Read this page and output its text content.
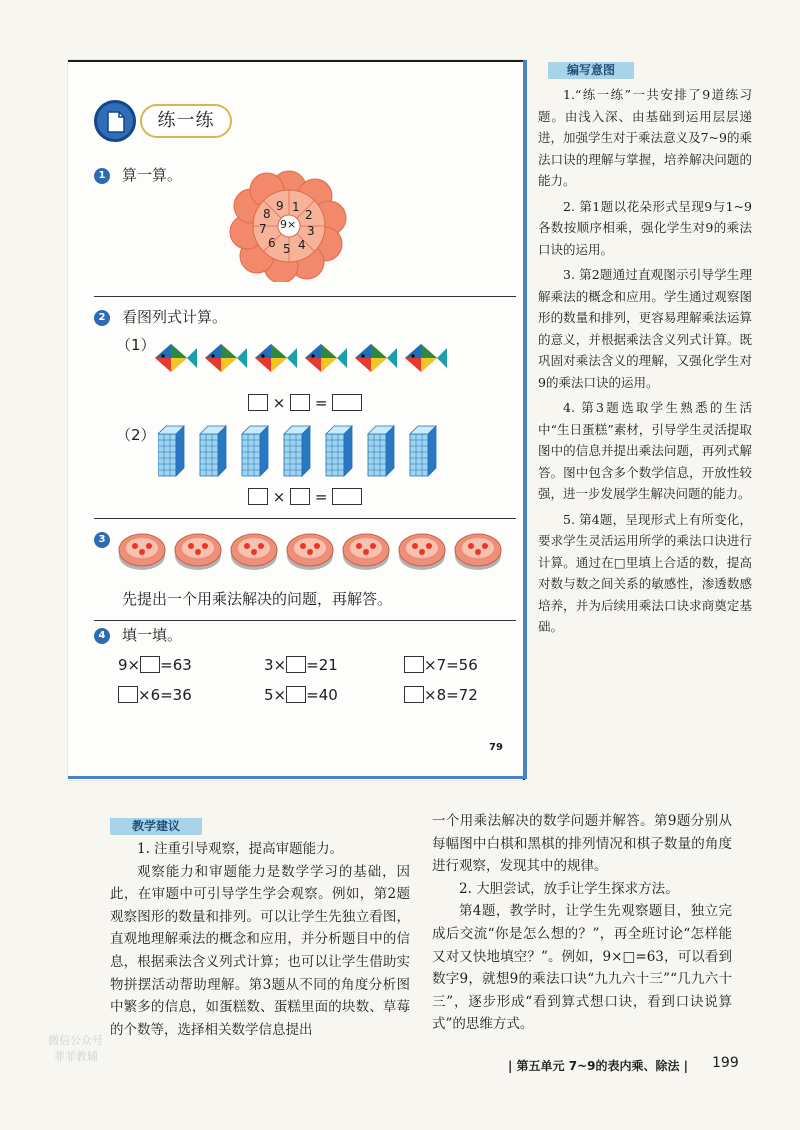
练一练
1	算一算。
9×
1
2
3
4
5
6
7
8
9
2	看图列式计算。
（1）
× =
（2）
× =
3
先提出一个用乘法解决的问题，再解答。
4	填一填。
9× =63	3× =21	×7=56
×6=36	5× =40	×8=72
79
编写意图

1.“练一练”一共安排了9道练习题。由浅入深、由基础到运用层层递进，加强学生对于乘法意义及7~9的乘法口诀的理解与掌握，培养解决问题的能力。

2. 第1题以花朵形式呈现9与1~9各数按顺序相乘，强化学生对9的乘法口诀的运用。

3. 第2题通过直观图示引导学生理解乘法的概念和应用。学生通过观察图形的数量和排列，更容易理解乘法运算的意义，并根据乘法含义列式计算。既巩固对乘法含义的理解，又强化学生对9的乘法口诀的运用。

4. 第3题选取学生熟悉的生活中“生日蛋糕”素材，引导学生灵活提取图中的信息并提出乘法问题，再列式解答。图中包含多个数学信息，开放性较强，进一步发展学生解决问题的能力。

5. 第4题，呈现形式上有所变化，要求学生灵活运用所学的乘法口诀进行计算。通过在□里填上合适的数，提高对数与数之间关系的敏感性，渗透数感培养，并为后续用乘法口诀求商奠定基础。

教学建议

1. 注重引导观察，提高审题能力。

观察能力和审题能力是数学学习的基础，因此，在审题中可引导学生学会观察。例如，第2题观察图形的数量和排列。可以让学生先独立看图，直观地理解乘法的概念和应用，并分析题目中的信息，根据乘法含义列式计算；也可以让学生借助实物拼摆活动帮助理解。第3题从不同的角度分析图中繁多的信息，如蛋糕数、蛋糕里面的块数、草莓的个数等，选择相关数学信息提出

一个用乘法解决的数学问题并解答。第9题分别从每幅图中白棋和黑棋的排列情况和棋子数量的角度进行观察，发现其中的规律。

2. 大胆尝试，放手让学生探求方法。

第4题，教学时，让学生先观察题目，独立完成后交流“你是怎么想的？”，再全班讨论“怎样能又对又快地填空？”。例如，9×□=63，可以看到数字9，就想9的乘法口诀“九九六十三”“几九六十三”，逐步形成“看到算式想口诀，看到口诀说算式”的思维方式。

| 第五单元 7~9的表内乘、除法 | 199
微信公众号
菲菲教辅
